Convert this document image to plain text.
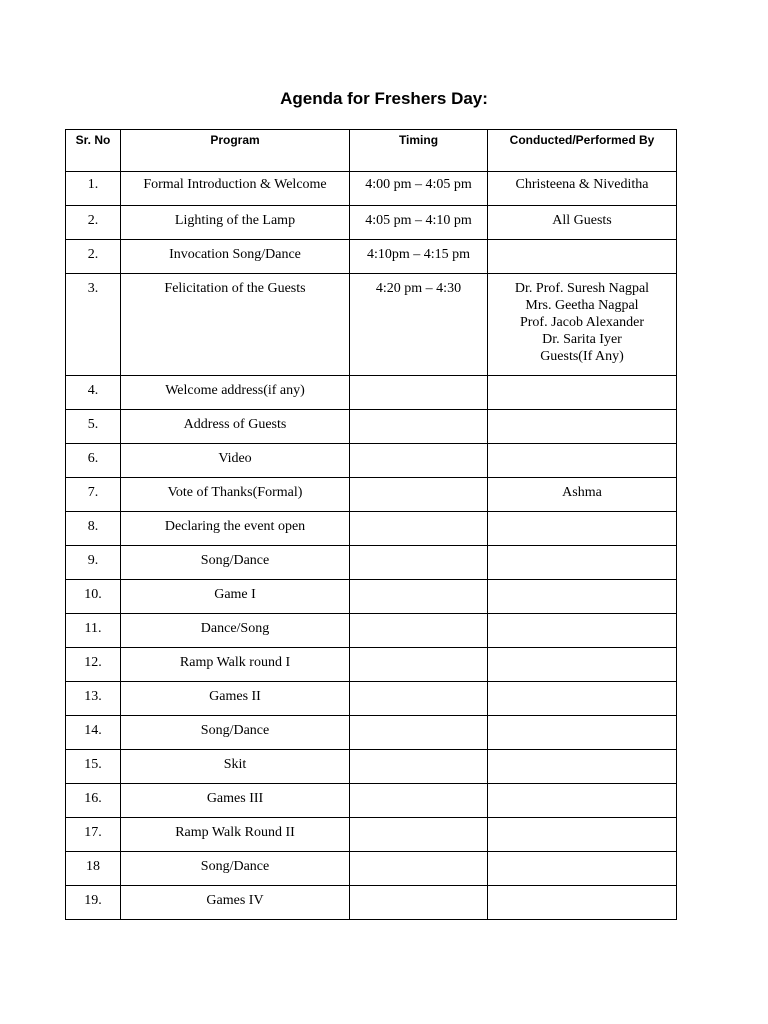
Agenda for Freshers Day:
Sr. No	Program	Timing	Conducted/Performed By
1.	Formal Introduction & Welcome	4:00 pm – 4:05 pm	Christeena & Niveditha

2.	Lighting of the Lamp	4:05 pm – 4:10 pm	All Guests

2.	Invocation Song/Dance	4:10pm – 4:15 pm	
3.	Felicitation of the Guests	4:20 pm – 4:30	Dr. Prof. Suresh Nagpal
Mrs. Geetha Nagpal
Prof. Jacob Alexander
Dr. Sarita Iyer
Guests(If Any)

4.	Welcome address(if any)		
5.	Address of Guests		
6.	Video		
7.	Vote of Thanks(Formal)		Ashma

8.	Declaring the event open		
9.	Song/Dance		
10.	Game I		
11.	Dance/Song		
12.	Ramp Walk round I		
13.	Games II		
14.	Song/Dance		
15.	Skit		
16.	Games III		
17.	Ramp Walk Round II		
18	Song/Dance		
19.	Games IV		
